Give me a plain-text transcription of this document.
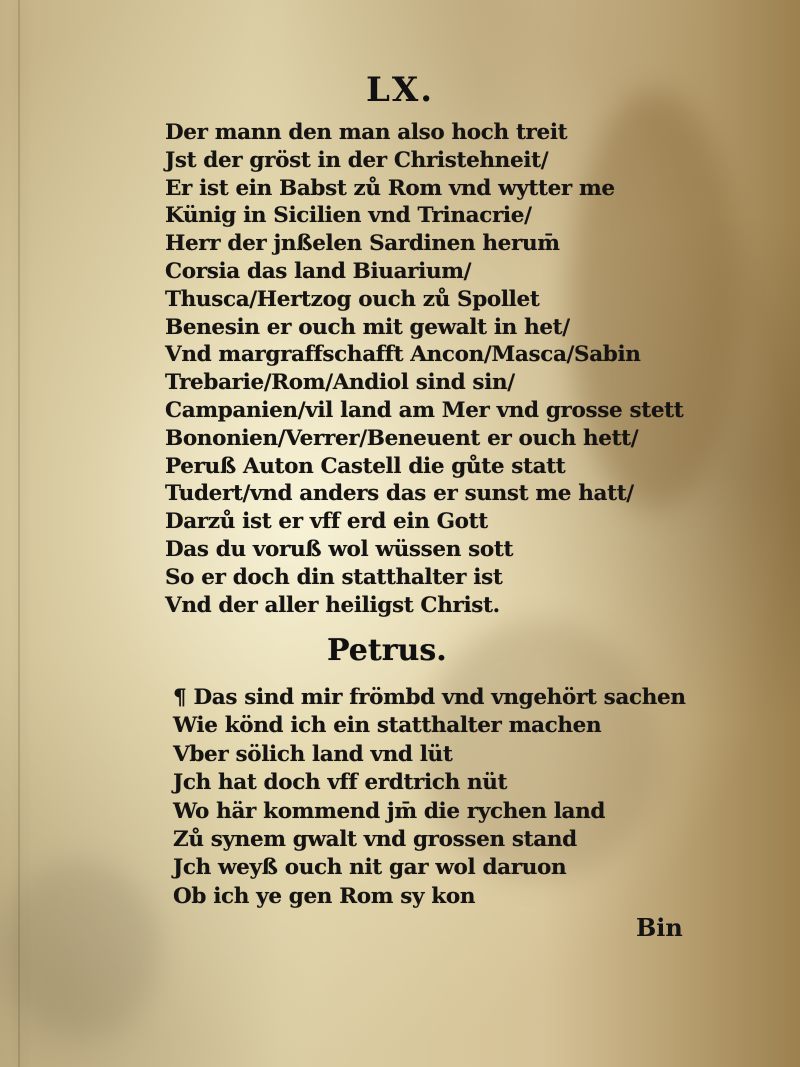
LX.
Der mann den man also hoch treit
Jst der gröst in der Christehneit/
Er ist ein Babst zů Rom vnd wytter me
Künig in Sicilien vnd Trinacrie/
Herr der jnßelen Sardinen herum̄
Corsia das land Biuarium/
Thusca/Hertzog ouch zů Spollet
Benesin er ouch mit gewalt in het/
Vnd margraffschafft Ancon/Masca/Sabin
Trebarie/Rom/Andiol sind sin/
Campanien/vil land am Mer vnd grosse stett
Bononien/Verrer/Beneuent er ouch hett/
Peruß Auton Castell die gůte statt
Tudert/vnd anders das er sunst me hatt/
Darzů ist er vff erd ein Gott
Das du voruß wol wüssen sott
So er doch din statthalter ist
Vnd der aller heiligst Christ.
Petrus.
¶ Das sind mir frömbd vnd vngehört sachen
Wie könd ich ein statthalter machen
Vber sölich land vnd lüt
Jch hat doch vff erdtrich nüt
Wo här kommend jm̄ die rychen land
Zů synem gwalt vnd grossen stand
Jch weyß ouch nit gar wol daruon
Ob ich ye gen Rom sy kon
Bin
